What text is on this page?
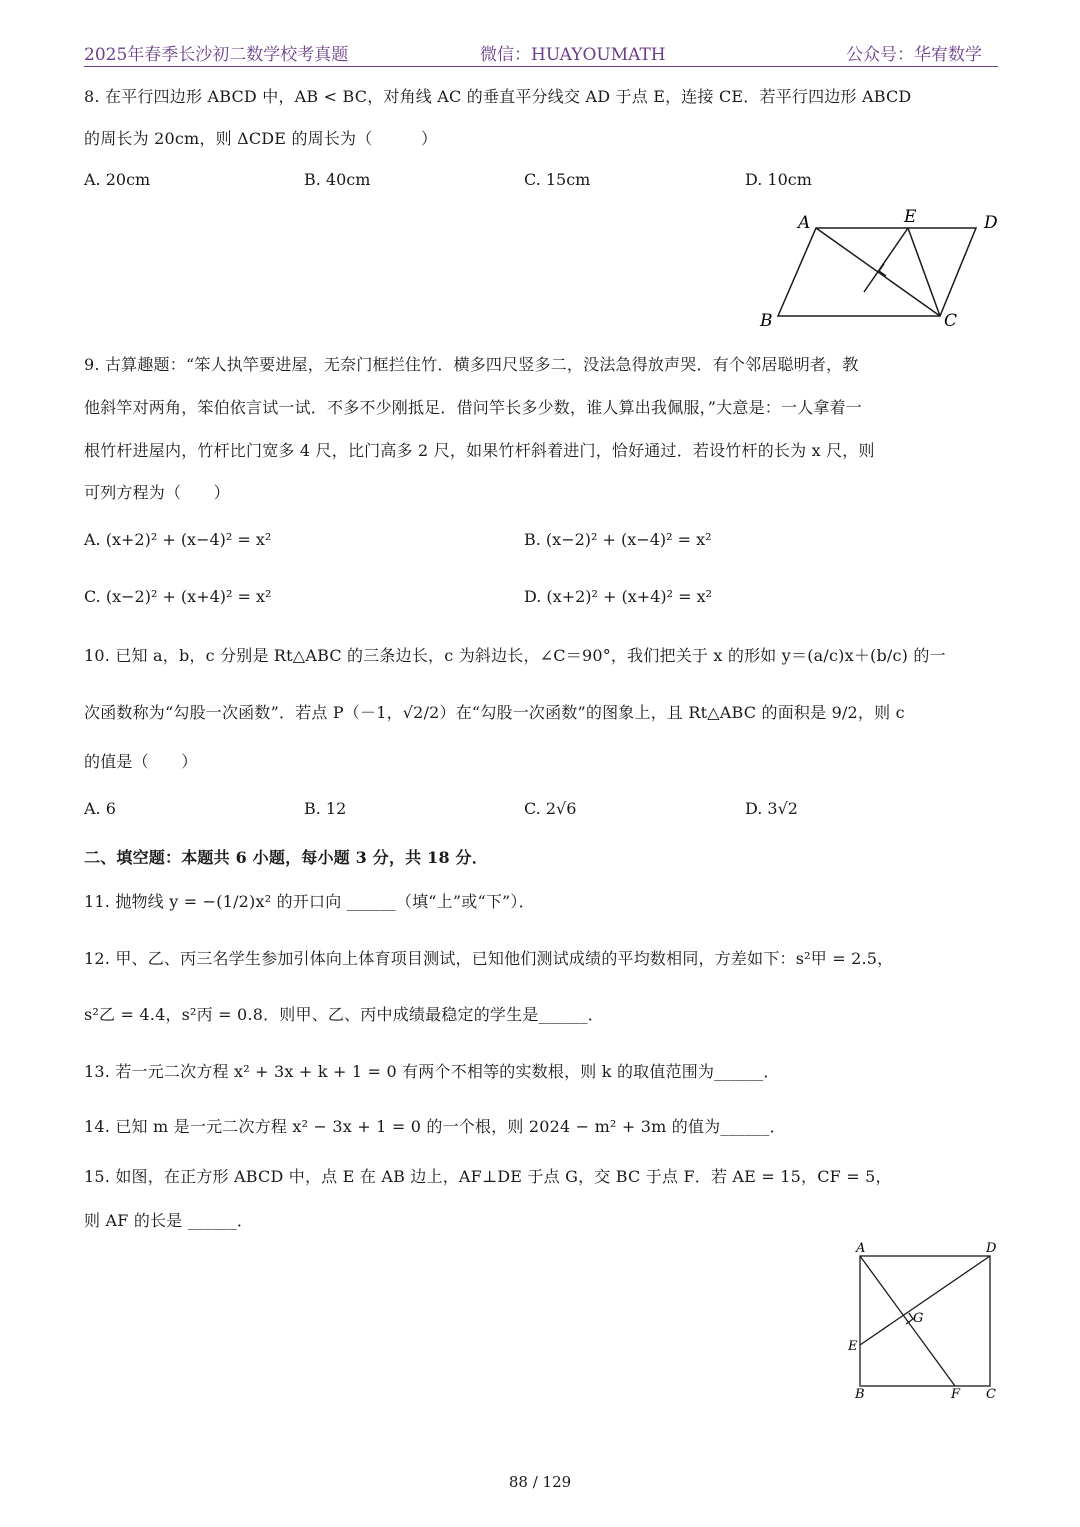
2025年春季长沙初二数学校考真题	微信：HUAYOUMATH	公众号：华宥数学
8. 在平行四边形 ABCD 中，AB < BC，对角线 AC 的垂直平分线交 AD 于点 E，连接 CE．若平行四边形 ABCD
的周长为 20cm，则 ΔCDE 的周长为（　　　）
A. 20cm	B. 40cm	C. 15cm	D. 10cm
A	E	D
B	C
9. 古算趣题：“笨人执竿要进屋，无奈门框拦住竹．横多四尺竖多二，没法急得放声哭．有个邻居聪明者，教
他斜竿对两角，笨伯依言试一试．不多不少刚抵足．借问竿长多少数，谁人算出我佩服，”大意是：一人拿着一
根竹杆进屋内，竹杆比门宽多 4 尺，比门高多 2 尺，如果竹杆斜着进门，恰好通过．若设竹杆的长为 x 尺，则
可列方程为（　　）
A. (x+2)² + (x−4)² = x²	B. (x−2)² + (x−4)² = x²
C. (x−2)² + (x+4)² = x²	D. (x+2)² + (x+4)² = x²
10. 已知 a，b，c 分别是 Rt△ABC 的三条边长，c 为斜边长，∠C＝90°，我们把关于 x 的形如 y＝(a/c)x＋(b/c) 的一
次函数称为“勾股一次函数”．若点 P（－1，√2/2）在“勾股一次函数”的图象上，且 Rt△ABC 的面积是 9/2，则 c
的值是（　　）
A. 6	B. 12	C. 2√6	D. 3√2
二、填空题：本题共 6 小题，每小题 3 分，共 18 分．
11. 抛物线 y = −(1/2)x² 的开口向 ______（填“上”或“下”）．
12. 甲、乙、丙三名学生参加引体向上体育项目测试，已知他们测试成绩的平均数相同，方差如下：s²甲 = 2.5，
s²乙 = 4.4，s²丙 = 0.8．则甲、乙、丙中成绩最稳定的学生是______．
13. 若一元二次方程 x² + 3x + k + 1 = 0 有两个不相等的实数根，则 k 的取值范围为______．
14. 已知 m 是一元二次方程 x² − 3x + 1 = 0 的一个根，则 2024 − m² + 3m 的值为______．
15. 如图，在正方形 ABCD 中，点 E 在 AB 边上，AF⊥DE 于点 G，交 BC 于点 F．若 AE = 15，CF = 5，
则 AF 的长是 ______．
A	D
E
G
B	F C
88 / 129
